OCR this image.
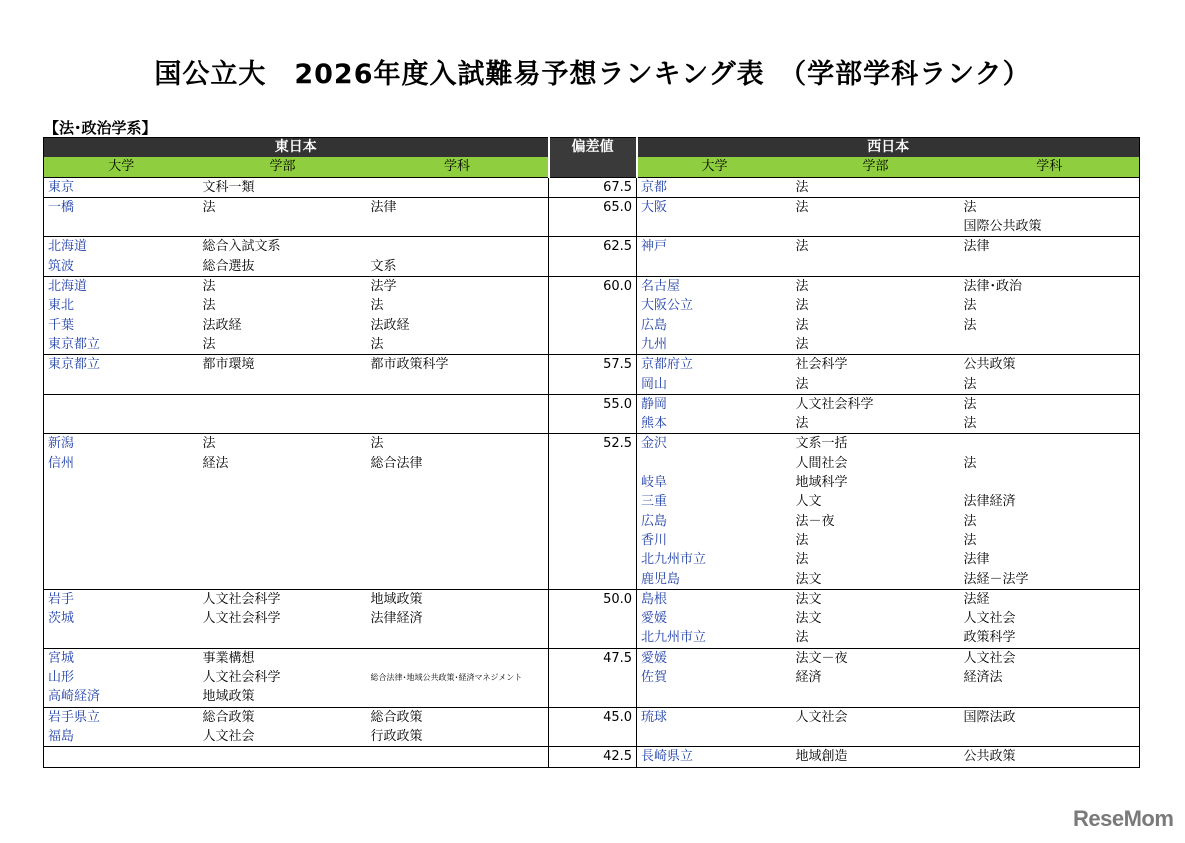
国公立大　2026年度入試難易予想ランキング表　（学部学科ランク）
【法･政治学系】
東日本			偏差値	西日本		
大学	学部	学科		大学	学部	学科
東京	文科一類		67.5	京都	法	
一橋	法	法律	65.0	大阪	法	法
						国際公共政策
北海道	総合入試文系		62.5	神戸	法	法律
筑波	総合選抜	文系				
北海道	法	法学	60.0	名古屋	法	法律･政治
東北	法	法		大阪公立	法	法
千葉	法政経	法政経		広島	法	法
東京都立	法	法		九州	法	
東京都立	都市環境	都市政策科学	57.5	京都府立	社会科学	公共政策
				岡山	法	法
			55.0	静岡	人文社会科学	法
				熊本	法	法
新潟	法	法	52.5	金沢	文系一括	
信州	経法	総合法律			人間社会	法
				岐阜	地域科学	
				三重	人文	法律経済
				広島	法－夜	法
				香川	法	法
				北九州市立	法	法律
				鹿児島	法文	法経－法学
岩手	人文社会科学	地域政策	50.0	島根	法文	法経
茨城	人文社会科学	法律経済		愛媛	法文	人文社会
				北九州市立	法	政策科学
宮城	事業構想		47.5	愛媛	法文－夜	人文社会
山形	人文社会科学	総合法律･地域公共政策･経済マネジメント		佐賀	経済	経済法
高崎経済	地域政策					
岩手県立	総合政策	総合政策	45.0	琉球	人文社会	国際法政
福島	人文社会	行政政策				
			42.5	長崎県立	地域創造	公共政策
ReseMom
